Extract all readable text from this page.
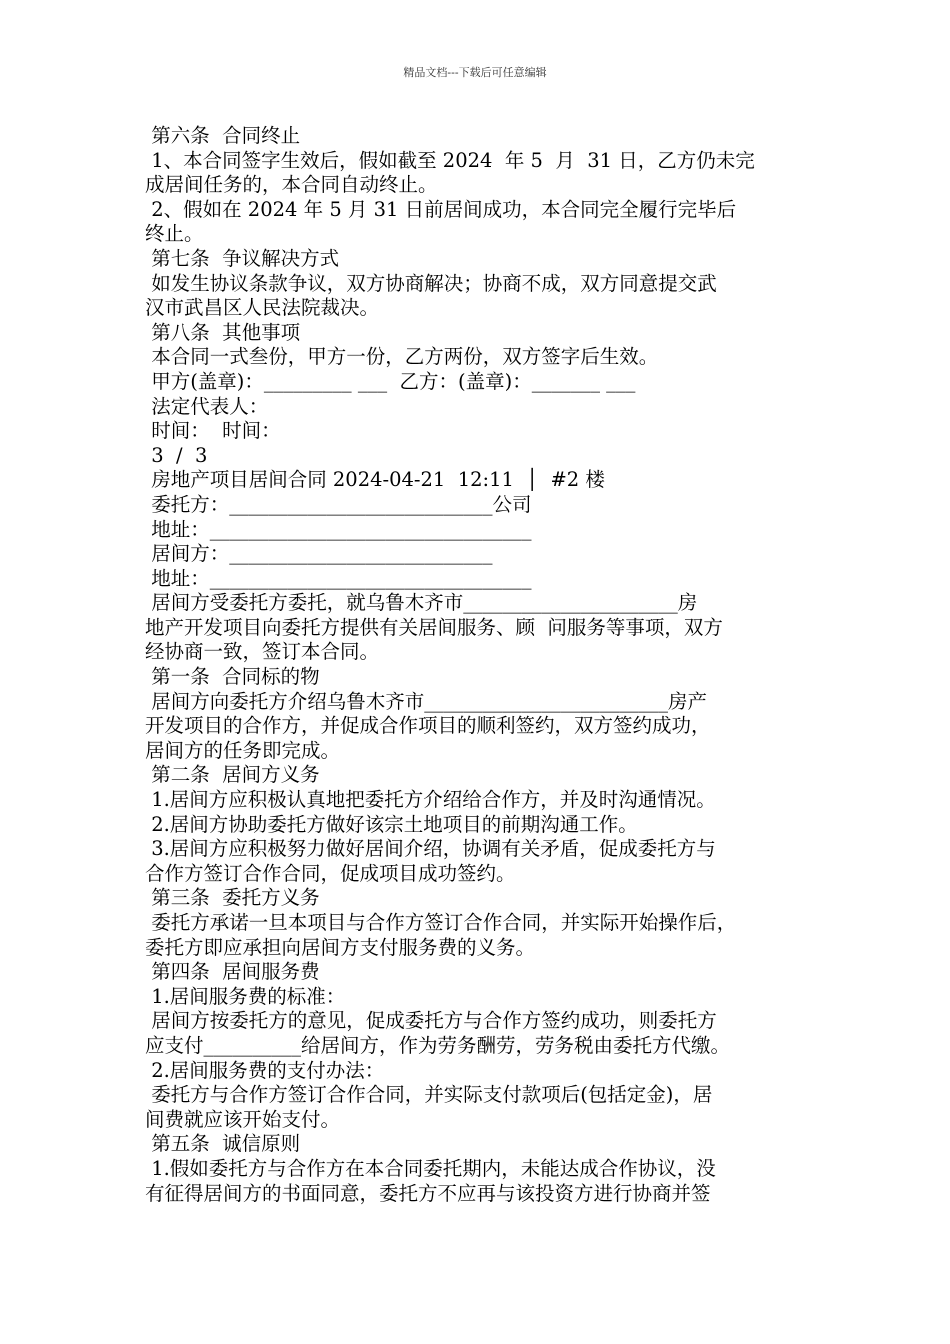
精品文档---下载后可任意编辑
第六条  合同终止
1、本合同签字生效后，假如截至 2024  年 5  月  31 日，乙方仍未完
成居间任务的，本合同自动终止。
2、假如在 2024 年 5 月 31 日前居间成功，本合同完全履行完毕后
终止。
第七条  争议解决方式
如发生协议条款争议，双方协商解决；协商不成，双方同意提交武
汉市武昌区人民法院裁决。
第八条  其他事项
本合同一式叁份，甲方一份，乙方两份，双方签字后生效。
甲方(盖章)：_________ ___  乙方：(盖章)：_______ ___
法定代表人：
时间：  时间：
3  /  3
房地产项目居间合同 2024-04-21  12:11  │  #2 楼
委托方：___________________________公司
地址：_________________________________
居间方：___________________________
地址：_________________________________
居间方受委托方委托，就乌鲁木齐市______________________房
地产开发项目向委托方提供有关居间服务、顾  问服务等事项，双方
经协商一致，签订本合同。
第一条  合同标的物
居间方向委托方介绍乌鲁木齐市_________________________房产
开发项目的合作方，并促成合作项目的顺利签约，双方签约成功，
居间方的任务即完成。
第二条  居间方义务
1.居间方应积极认真地把委托方介绍给合作方，并及时沟通情况。
2.居间方协助委托方做好该宗土地项目的前期沟通工作。
3.居间方应积极努力做好居间介绍，协调有关矛盾，促成委托方与
合作方签订合作合同，促成项目成功签约。
第三条  委托方义务
委托方承诺一旦本项目与合作方签订合作合同，并实际开始操作后，
委托方即应承担向居间方支付服务费的义务。
第四条  居间服务费
1.居间服务费的标准：
居间方按委托方的意见，促成委托方与合作方签约成功，则委托方
应支付__________给居间方，作为劳务酬劳，劳务税由委托方代缴。
2.居间服务费的支付办法：
委托方与合作方签订合作合同，并实际支付款项后(包括定金)，居
间费就应该开始支付。
第五条  诚信原则
1.假如委托方与合作方在本合同委托期内，未能达成合作协议，没
有征得居间方的书面同意，委托方不应再与该投资方进行协商并签
